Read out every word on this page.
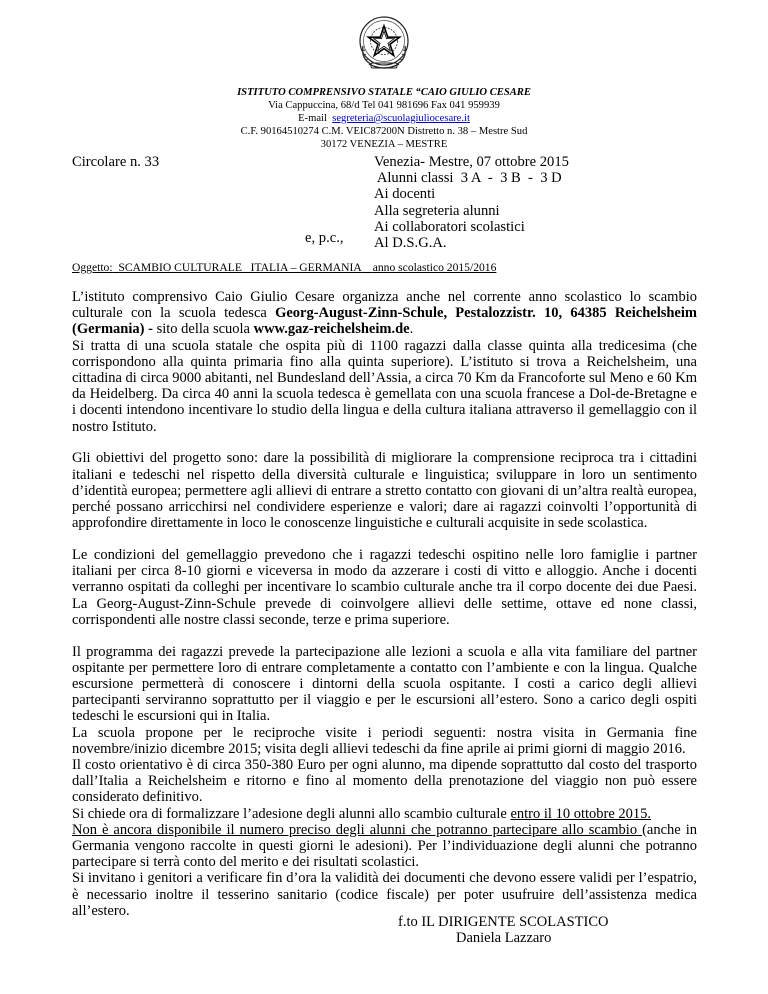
ISTITUTO COMPRENSIVO STATALE “CAIO GIULIO CESARE
Via Cappuccina, 68/d Tel 041 981696 Fax 041 959939
E-mail segreteria@scuolagiuliocesare.it
C.F. 90164510274 C.M. VEIC87200N Distretto n. 38 – Mestre Sud
30172 VENEZIA – MESTRE
Circolare n. 33	Venezia- Mestre, 07 ottobre 2015
Alunni classi  3 A  -  3 B  -  3 D
Ai docenti
Alla segreteria alunni
Ai collaboratori scolastici
Al D.S.G.A.
e, p.c.,
Oggetto: SCAMBIO CULTURALE   ITALIA – GERMANIA anno scolastico 2015/2016

L’istituto comprensivo Caio Giulio Cesare organizza anche nel corrente anno scolastico lo scambio culturale con la scuola tedesca Georg-August-Zinn-Schule, Pestalozzistr. 10, 64385 Reichelsheim (Germania) - sito della scuola www.gaz-reichelsheim.de.
Si tratta di una scuola statale che ospita più di 1100 ragazzi dalla classe quinta alla tredicesima (che corrispondono alla quinta primaria fino alla quinta superiore). L’istituto si trova a Reichelsheim, una cittadina di circa 9000 abitanti, nel Bundesland dell’Assia, a circa 70 Km da Francoforte sul Meno e 60 Km da Heidelberg. Da circa 40 anni la scuola tedesca è gemellata con una scuola francese a Dol-de-Bretagne e i docenti intendono incentivare lo studio della lingua e della cultura italiana attraverso il gemellaggio con il nostro Istituto.

Gli obiettivi del progetto sono: dare la possibilità di migliorare la comprensione reciproca tra i cittadini italiani e tedeschi nel rispetto della diversità culturale e linguistica; sviluppare in loro un sentimento d’identità europea; permettere agli allievi di entrare a stretto contatto con giovani di un’altra realtà europea, perché possano arricchirsi nel condividere esperienze e valori; dare ai ragazzi coinvolti l’opportunità di approfondire direttamente in loco le conoscenze linguistiche e culturali acquisite in sede scolastica.

Le condizioni del gemellaggio prevedono che i ragazzi tedeschi ospitino nelle loro famiglie i partner italiani per circa 8-10 giorni e viceversa in modo da azzerare i costi di vitto e alloggio. Anche i docenti verranno ospitati da colleghi per incentivare lo scambio culturale anche tra il corpo docente dei due Paesi. La Georg-August-Zinn-Schule prevede di coinvolgere allievi delle settime, ottave ed none classi, corrispondenti alle nostre classi seconde, terze e prima superiore.

Il programma dei ragazzi prevede la partecipazione alle lezioni a scuola e alla vita familiare del partner ospitante per permettere loro di entrare completamente a contatto con l’ambiente e con la lingua. Qualche escursione permetterà di conoscere i dintorni della scuola ospitante. I costi a carico degli allievi partecipanti serviranno soprattutto per il viaggio e per le escursioni all’estero. Sono a carico degli ospiti tedeschi le escursioni qui in Italia.

La scuola propone per le reciproche visite i periodi seguenti: nostra visita in Germania fine novembre/inizio dicembre 2015; visita degli allievi tedeschi da fine aprile ai primi giorni di maggio 2016.

Il costo orientativo è di circa 350-380 Euro per ogni alunno, ma dipende soprattutto dal costo del trasporto dall’Italia a Reichelsheim e ritorno e fino al momento della prenotazione del viaggio non può essere considerato definitivo.

Si chiede ora di formalizzare l’adesione degli alunni allo scambio culturale entro il 10 ottobre 2015.

Non è ancora disponibile il numero preciso degli alunni che potranno partecipare allo scambio (anche in Germania vengono raccolte in questi giorni le adesioni). Per l’individuazione degli alunni che potranno partecipare si terrà conto del merito e dei risultati scolastici.

Si invitano i genitori a verificare fin d’ora la validità dei documenti che devono essere validi per l’espatrio, è necessario inoltre il tesserino sanitario (codice fiscale) per poter usufruire dell’assistenza medica all’estero.

f.to IL DIRIGENTE SCOLASTICO
Daniela Lazzaro
